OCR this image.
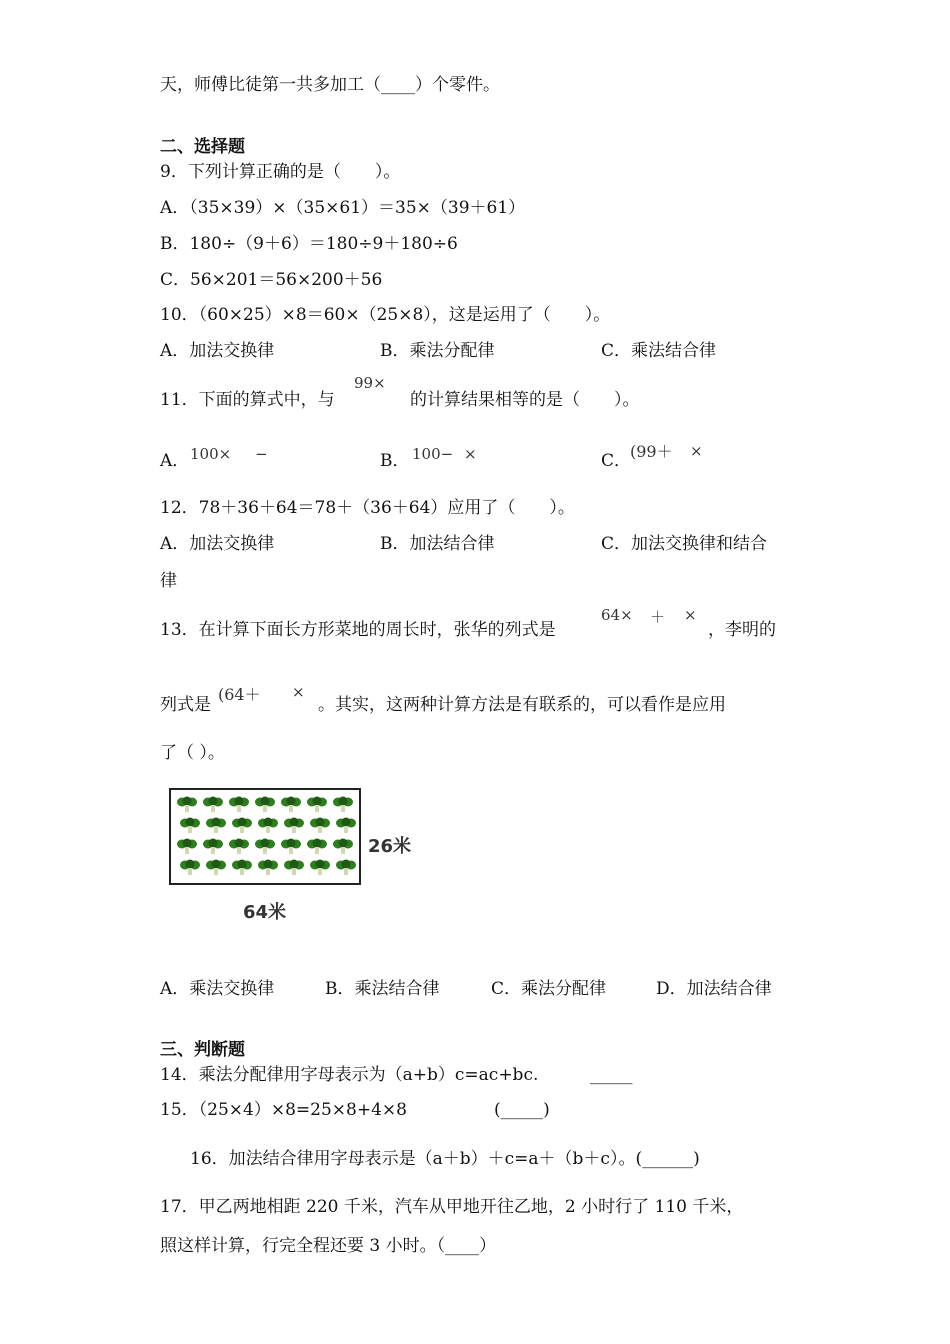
天，师傅比徒第一共多加工（____）个零件。
二、选择题
9．下列计算正确的是（　　）。
A．（35×39）×（35×61）＝35×（39＋61）
B．180÷（9＋6）＝180÷9＋180÷6
C．56×201＝56×200＋56
10．（60×25）×8＝60×（25×8），这是运用了（　　）。
A．加法交换律	B．乘法分配律	C．乘法结合律
11．下面的算式中，与
99×
的计算结果相等的是（　　）。
A． 100× −	B． 100− ×	C．
(99＋ ×
12．78＋36＋64＝78＋（36＋64）应用了（　　）。
A．加法交换律	B．加法结合律	C．加法交换律和结合
律
13．在计算下面长方形菜地的周长时，张华的列式是
64× ＋ ×
，李明的
列式是
(64＋ ×
。其实，这两种计算方法是有联系的，可以看作是应用
了（ ）。
26米
64米
A．乘法交换律	B．乘法结合律	C．乘法分配律	D．加法结合律
三、判断题
14．乘法分配律用字母表示为（a+b）c=ac+bc.	_____
15．（25×4）×8=25×8+4×8	(_____)
16．加法结合律用字母表示是（a＋b）＋c=a＋（b＋c）。(______)
17．甲乙两地相距 220 千米，汽车从甲地开往乙地，2 小时行了 110 千米，
照这样计算，行完全程还要 3 小时。（____）
